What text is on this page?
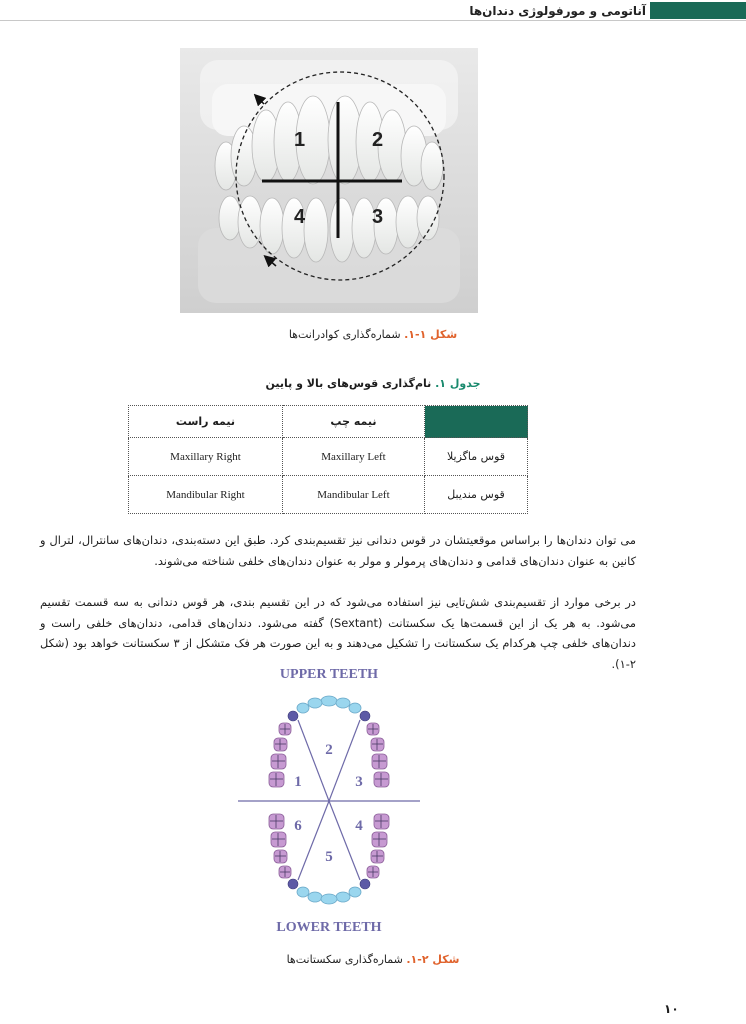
آناتومی و مورفولوژی دندان‌ها
1	2
3
4
شکل ۱-۱. شماره‌گذاری کوادرانت‌ها
جدول ۱. نام‌گذاری قوس‌های بالا و پایین
نیمه راست	نیمه چپ	
Maxillary Right	Maxillary Left	قوس ماگزیلا
Mandibular Right	Mandibular Left	قوس مندیبل
می توان دندان‌ها را براساس موقعیتشان در قوس دندانی نیز تقسیم‌بندی کرد. طبق این دسته‌بندی، دندان‌های سانترال، لترال و کانین به عنوان دندان‌های قدامی و دندان‌های پرمولر و مولر به عنوان دندان‌های خلفی شناخته می‌شوند.
در برخی موارد از تقسیم‌بندی شش‌تایی نیز استفاده می‌شود که در این تقسیم بندی، هر قوس دندانی به سه قسمت تقسیم می‌شود. به هر یک از این قسمت‌ها یک سکستانت (Sextant) گفته می‌شود. دندان‌های قدامی، دندان‌های خلفی راست و دندان‌های خلفی چپ هرکدام یک سکستانت را تشکیل می‌دهند و به این صورت هر فک متشکل از ۳ سکستانت خواهد بود (شکل ۲-۱).
UPPER TEETH
LOWER TEETH
1
2
3
4
5
6
شکل ۲-۱. شماره‌گذاری سکستانت‌ها
۱۰
